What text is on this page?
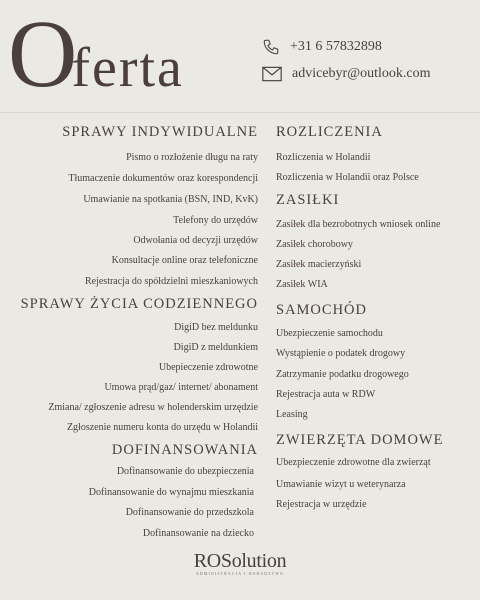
Oferta	+31 6 57832898
advicebyr@outlook.com
SPRAWY INDYWIDUALNE
Pismo o rozłożenie długu na raty
Tłumaczenie dokumentów oraz korespondencji
Umawianie na spotkania (BSN, IND, KvK)
Telefony do urzędów
Odwołania od decyzji urzędów
Konsultacje online oraz telefoniczne
Rejestracja do spółdzielni mieszkaniowych
SPRAWY ŻYCIA CODZIENNEGO
DigiD bez meldunku
DigiD z meldunkiem
Ubepieczenie zdrowotne
Umowa prąd/gaz/ internet/ abonament
Zmiana/ zgłoszenie adresu w holenderskim urzędzie
Zgłoszenie numeru konta do urzędu w Holandii
DOFINANSOWANIA
Dofinansowanie do ubezpieczenia
Dofinansowanie do wynajmu mieszkania
Dofinansowanie do przedszkola
Dofinansowanie na dziecko
ROZLICZENIA
Rozliczenia w Holandii
Rozliczenia w Holandii oraz Polsce
ZASIŁKI
Zasiłek dla bezrobotnych wniosek online
Zasiłek chorobowy
Zasiłek macierzyński
Zasiłek WIA
SAMOCHÓD
Ubezpieczenie samochodu
Wystąpienie o podatek drogowy
Zatrzymanie podatku drogowego
Rejestracja auta w RDW
Leasing
ZWIERZĘTA DOMOWE
Ubezpieczenie zdrowotne dla zwierząt
Umawianie wizyt u weterynarza
Rejestracja w urzędzie
ROSolution
ADMINISTRACJA I DORADZTWO
